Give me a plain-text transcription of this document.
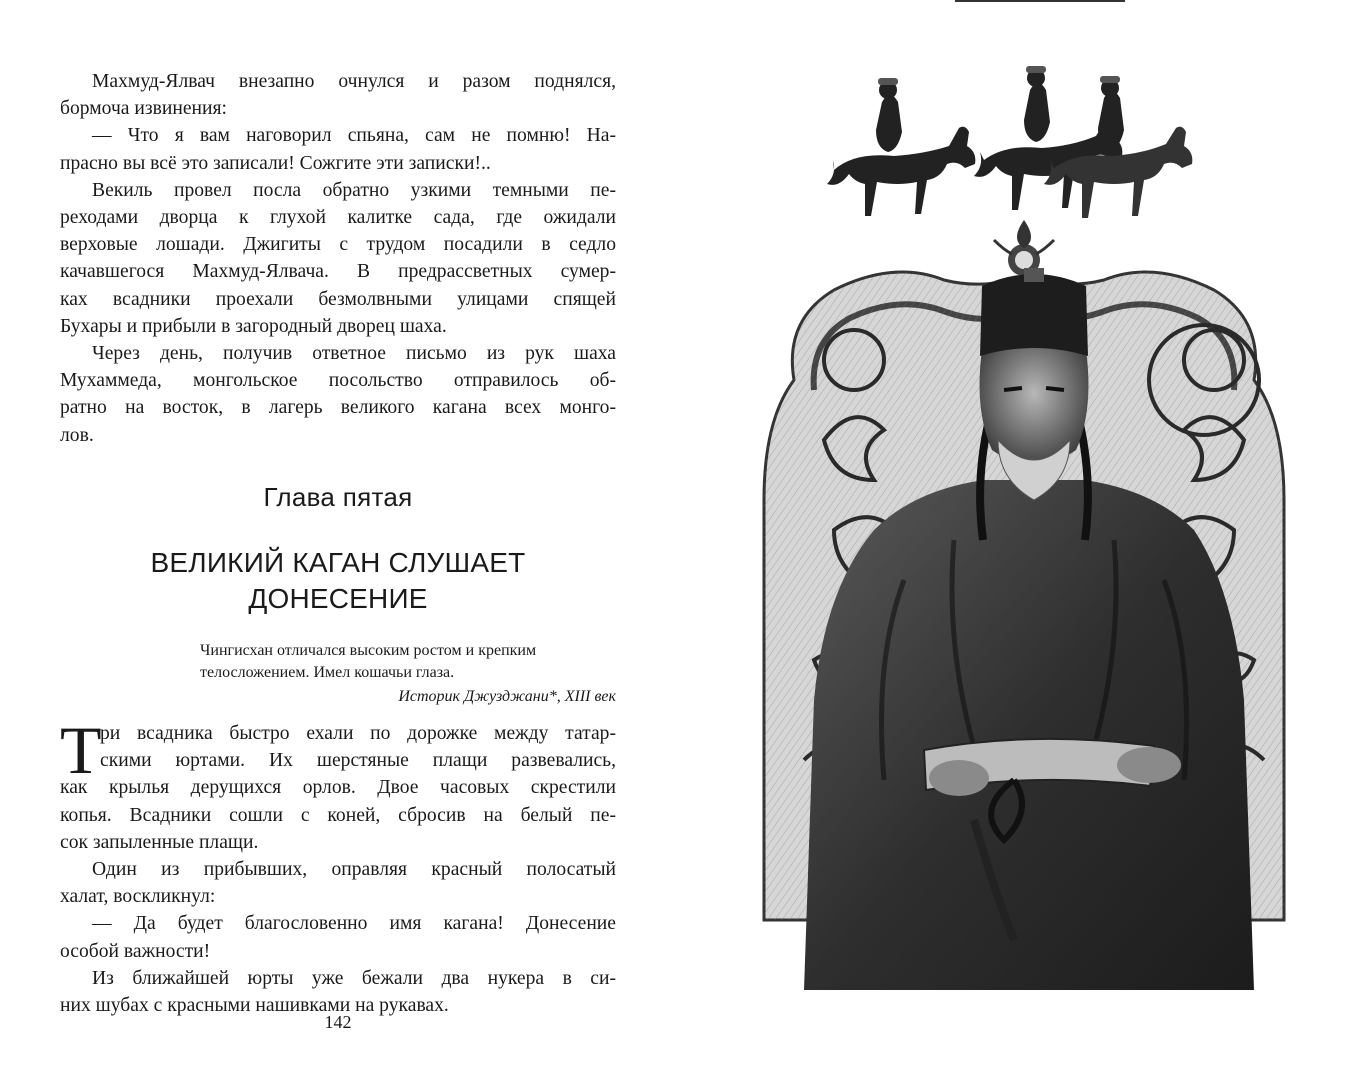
Махмуд-Ялвач внезапно очнулся и разом поднялся,
бормоча извинения:

— Что я вам наговорил спьяна, сам не помню! На-
прасно вы всё это записали! Сожгите эти записки!..

Векиль провел посла обратно узкими темными пе-
реходами дворца к глухой калитке сада, где ожидали
верховые лошади. Джигиты с трудом посадили в седло
качавшегося Махмуд-Ялвача. В предрассветных сумер-
ках всадники проехали безмолвными улицами спящей
Бухары и прибыли в загородный дворец шаха.

Через день, получив ответное письмо из рук шаха
Мухаммеда, монгольское посольство отправилось об-
ратно на восток, в лагерь великого кагана всех монго-
лов.

Глава пятая
ВЕЛИКИЙ КАГАН СЛУШАЕТ
ДОНЕСЕНИЕ
Чингисхан отличался высоким ростом и крепким
телосложением. Имел кошачьи глаза.
Историк Джузджани*, XIII век
Т

ри всадника быстро ехали по дорожке между татар-
скими юртами. Их шерстяные плащи развевались,
как крылья дерущихся орлов. Двое часовых скрестили
копья. Всадники сошли с коней, сбросив на белый пе-
сок запыленные плащи.

Один из прибывших, оправляя красный полосатый
халат, воскликнул:

— Да будет благословенно имя кагана! Донесение
особой важности!

Из ближайшей юрты уже бежали два нукера в си-
них шубах с красными нашивками на рукавах.

142
